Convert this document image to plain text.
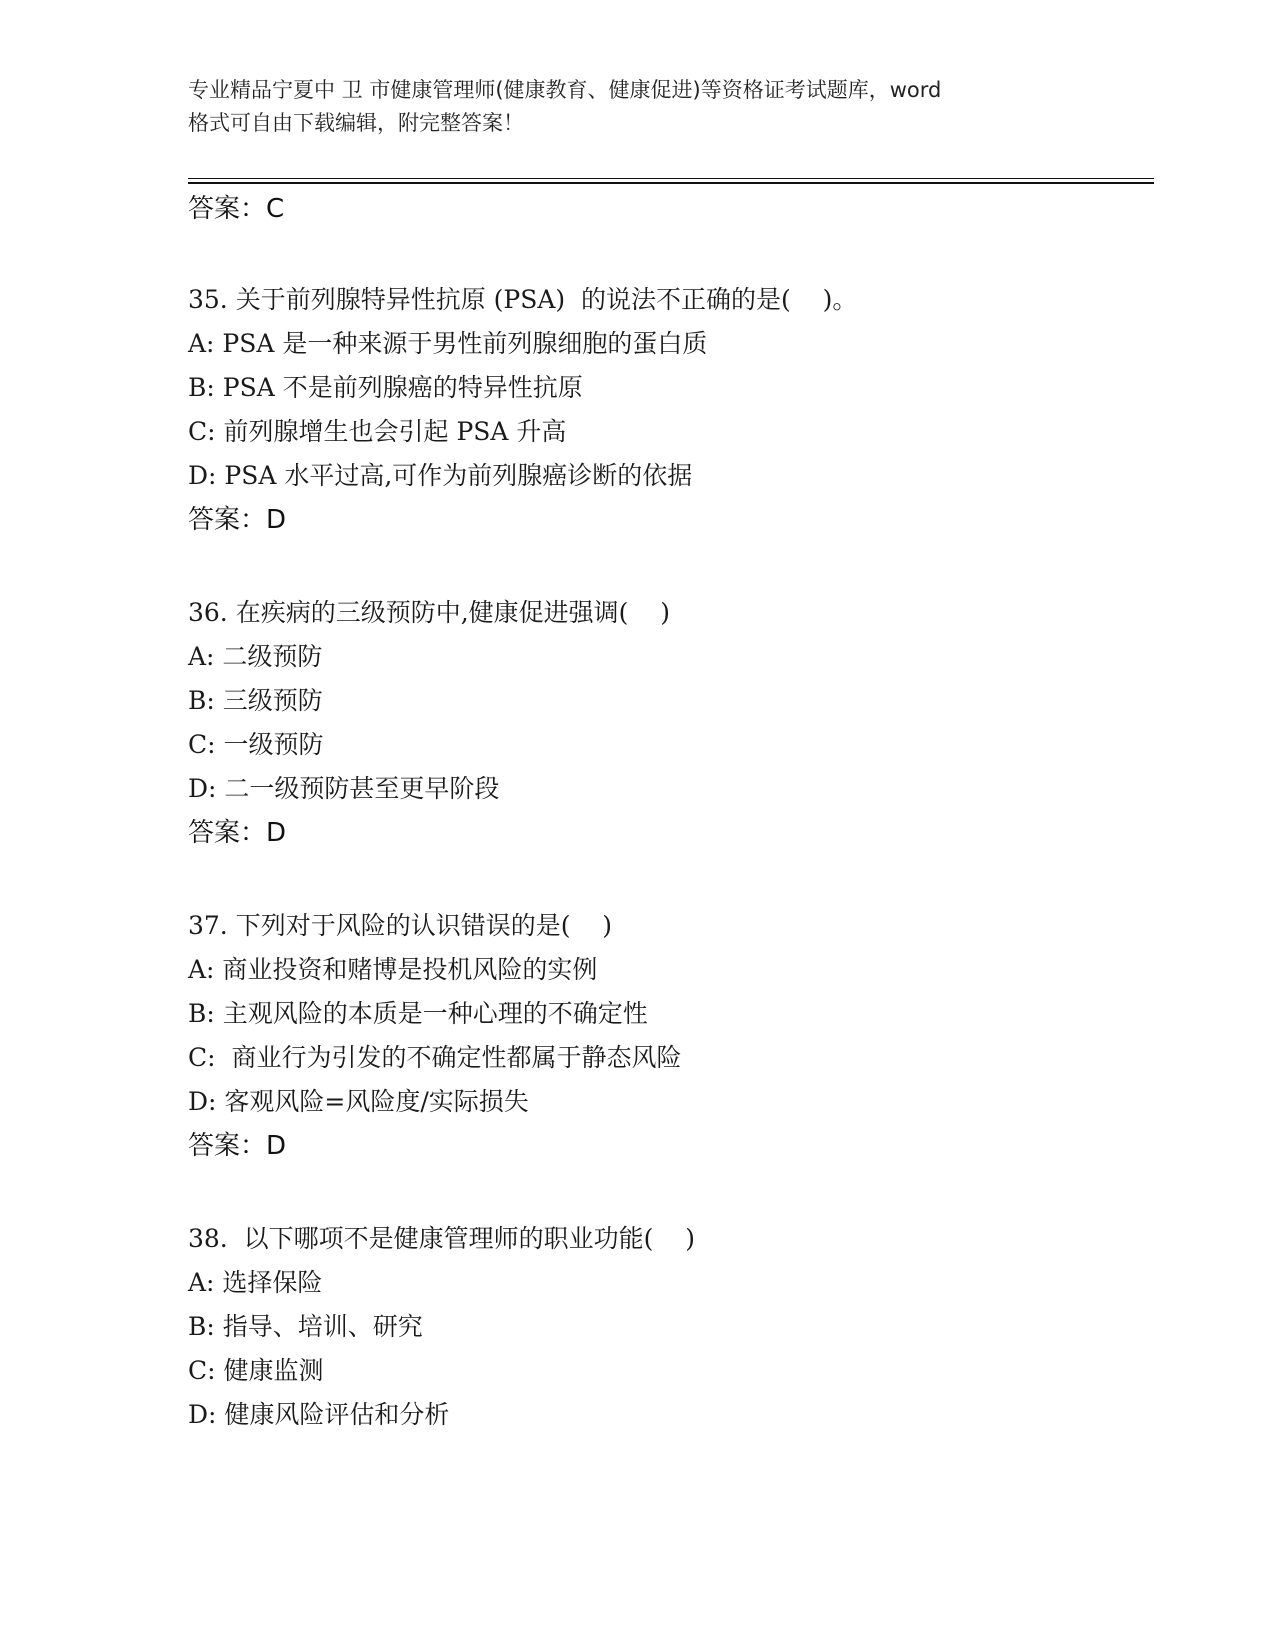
专业精品宁夏中 卫 市健康管理师(健康教育、健康促进)等资格证考试题库，word
格式可自由下载编辑，附完整答案！
答案：C
35. 关于前列腺特异性抗原 (PSA)  的说法不正确的是(    )。
A: PSA 是一种来源于男性前列腺细胞的蛋白质
B: PSA 不是前列腺癌的特异性抗原
C: 前列腺增生也会引起 PSA 升高
D: PSA 水平过高,可作为前列腺癌诊断的依据
答案：D
36. 在疾病的三级预防中,健康促进强调(    )
A: 二级预防
B: 三级预防
C: 一级预防
D: 二一级预防甚至更早阶段
答案：D
37. 下列对于风险的认识错误的是(    )
A: 商业投资和赌博是投机风险的实例
B: 主观风险的本质是一种心理的不确定性
C:  商业行为引发的不确定性都属于静态风险
D: 客观风险=风险度/实际损失
答案：D
38.  以下哪项不是健康管理师的职业功能(    )
A: 选择保险
B: 指导、培训、研究
C: 健康监测
D: 健康风险评估和分析
